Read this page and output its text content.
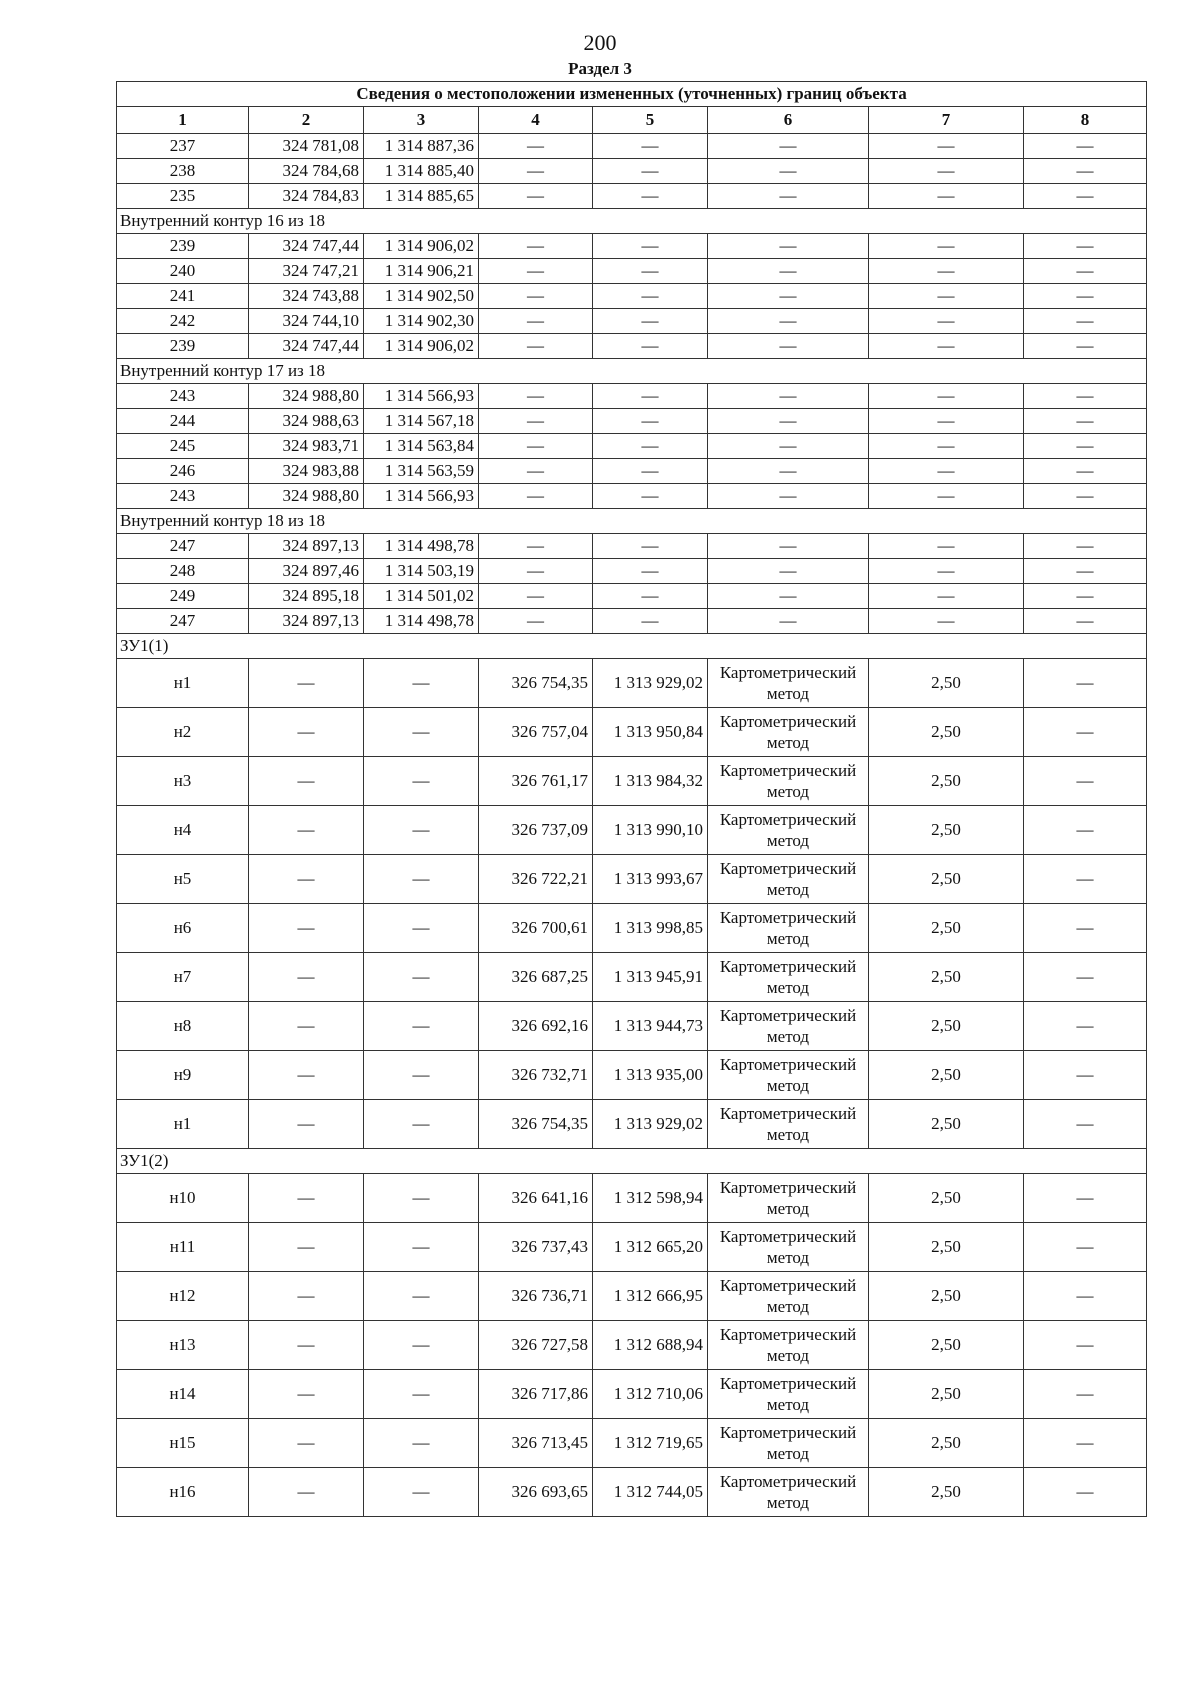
200
Раздел 3
Сведения о местоположении измененных (уточненных) границ объекта							
1	2	3	4	5	6	7	8
237	324 781,08	1 314 887,36	—	—	—	—	—
238	324 784,68	1 314 885,40	—	—	—	—	—
235	324 784,83	1 314 885,65	—	—	—	—	—
Внутренний контур 16 из 18							
239	324 747,44	1 314 906,02	—	—	—	—	—
240	324 747,21	1 314 906,21	—	—	—	—	—
241	324 743,88	1 314 902,50	—	—	—	—	—
242	324 744,10	1 314 902,30	—	—	—	—	—
239	324 747,44	1 314 906,02	—	—	—	—	—
Внутренний контур 17 из 18							
243	324 988,80	1 314 566,93	—	—	—	—	—
244	324 988,63	1 314 567,18	—	—	—	—	—
245	324 983,71	1 314 563,84	—	—	—	—	—
246	324 983,88	1 314 563,59	—	—	—	—	—
243	324 988,80	1 314 566,93	—	—	—	—	—
Внутренний контур 18 из 18							
247	324 897,13	1 314 498,78	—	—	—	—	—
248	324 897,46	1 314 503,19	—	—	—	—	—
249	324 895,18	1 314 501,02	—	—	—	—	—
247	324 897,13	1 314 498,78	—	—	—	—	—
ЗУ1(1)							
н1	—	—	326 754,35	1 313 929,02	Картометрический метод	2,50	—
н2	—	—	326 757,04	1 313 950,84	Картометрический метод	2,50	—
н3	—	—	326 761,17	1 313 984,32	Картометрический метод	2,50	—
н4	—	—	326 737,09	1 313 990,10	Картометрический метод	2,50	—
н5	—	—	326 722,21	1 313 993,67	Картометрический метод	2,50	—
н6	—	—	326 700,61	1 313 998,85	Картометрический метод	2,50	—
н7	—	—	326 687,25	1 313 945,91	Картометрический метод	2,50	—
н8	—	—	326 692,16	1 313 944,73	Картометрический метод	2,50	—
н9	—	—	326 732,71	1 313 935,00	Картометрический метод	2,50	—
н1	—	—	326 754,35	1 313 929,02	Картометрический метод	2,50	—
ЗУ1(2)							
н10	—	—	326 641,16	1 312 598,94	Картометрический метод	2,50	—
н11	—	—	326 737,43	1 312 665,20	Картометрический метод	2,50	—
н12	—	—	326 736,71	1 312 666,95	Картометрический метод	2,50	—
н13	—	—	326 727,58	1 312 688,94	Картометрический метод	2,50	—
н14	—	—	326 717,86	1 312 710,06	Картометрический метод	2,50	—
н15	—	—	326 713,45	1 312 719,65	Картометрический метод	2,50	—
н16	—	—	326 693,65	1 312 744,05	Картометрический метод	2,50	—
